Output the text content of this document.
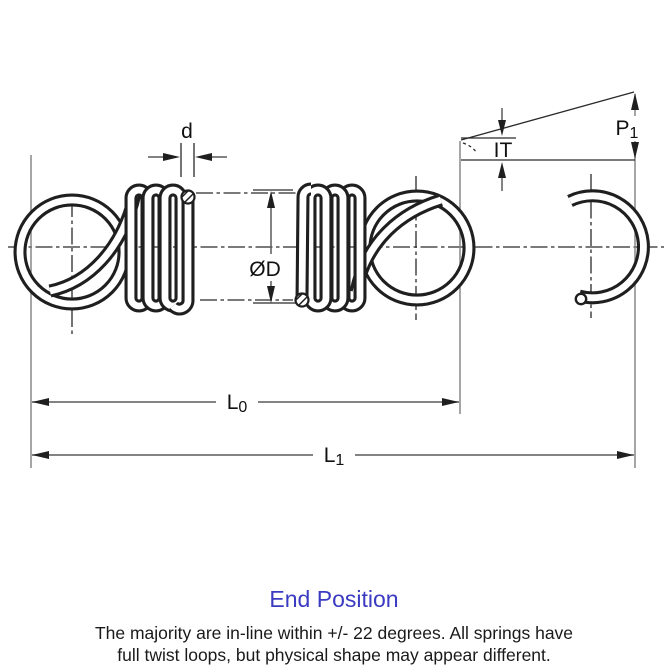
d
ØD
IT
P1
L0
L1
End Position
The majority are in-line within +/- 22 degrees. All springs have
full twist loops, but physical shape may appear different.
